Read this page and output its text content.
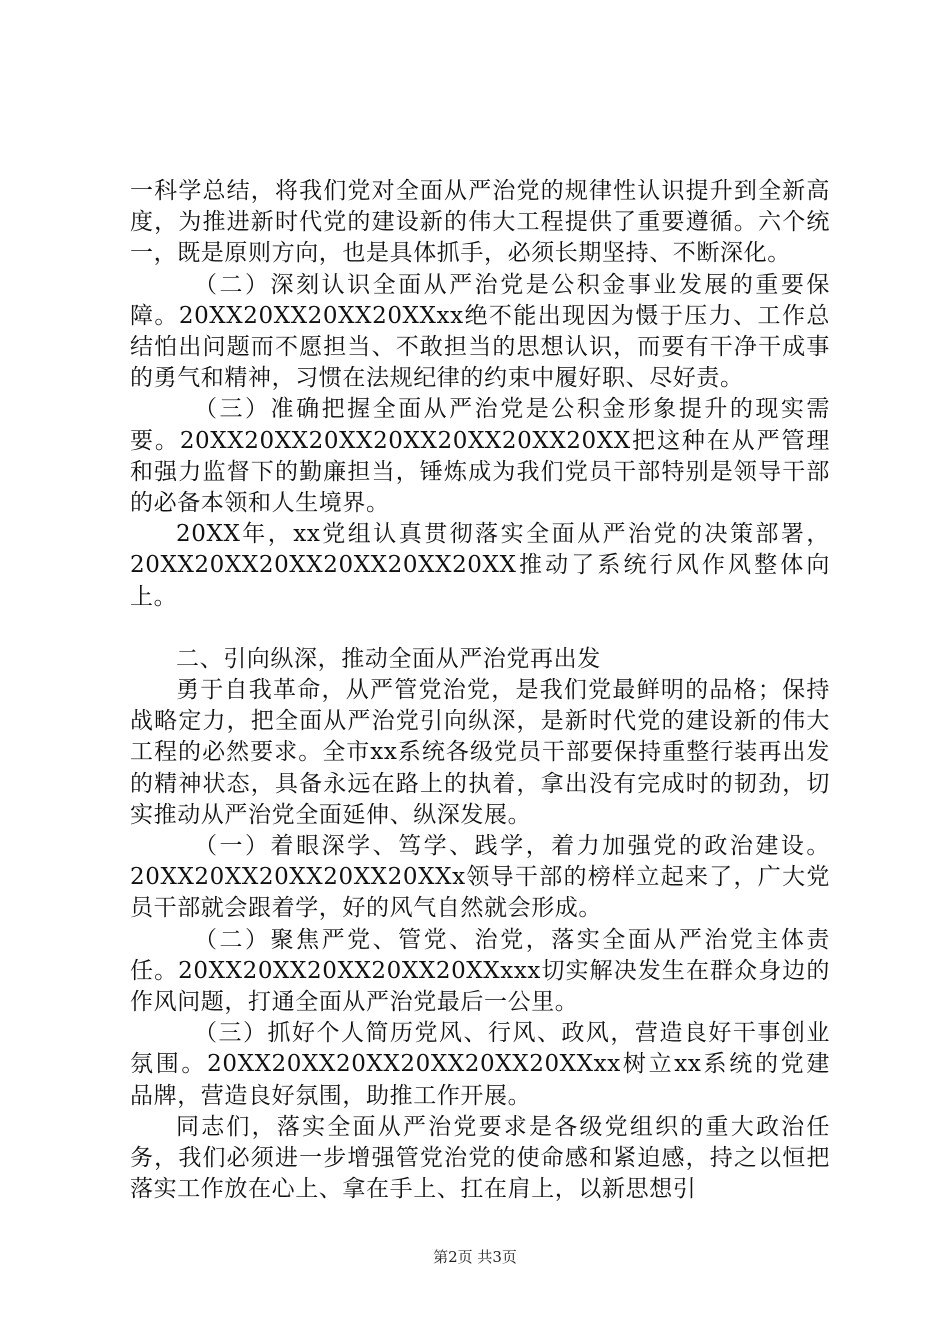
一科学总结，将我们党对全面从严治党的规律性认识提升到全新高度，为推进新时代党的建设新的伟大工程提供了重要遵循。六个统一，既是原则方向，也是具体抓手，必须长期坚持、不断深化。

（二）深刻认识全面从严治党是公积金事业发展的重要保障。20XX20XX20XX20XXxx绝不能出现因为慑于压力、工作总结怕出问题而不愿担当、不敢担当的思想认识，而要有干净干成事的勇气和精神，习惯在法规纪律的约束中履好职、尽好责。

（三）准确把握全面从严治党是公积金形象提升的现实需要。20XX20XX20XX20XX20XX20XX20XX把这种在从严管理和强力监督下的勤廉担当，锤炼成为我们党员干部特别是领导干部的必备本领和人生境界。

20XX年，xx党组认真贯彻落实全面从严治党的决策部署，20XX20XX20XX20XX20XX20XX推动了系统行风作风整体向上。

二、引向纵深，推动全面从严治党再出发

勇于自我革命，从严管党治党，是我们党最鲜明的品格；保持战略定力，把全面从严治党引向纵深，是新时代党的建设新的伟大工程的必然要求。全市xx系统各级党员干部要保持重整行装再出发的精神状态，具备永远在路上的执着，拿出没有完成时的韧劲，切实推动从严治党全面延伸、纵深发展。

（一）着眼深学、笃学、践学，着力加强党的政治建设。20XX20XX20XX20XX20XXx领导干部的榜样立起来了，广大党员干部就会跟着学，好的风气自然就会形成。

（二）聚焦严党、管党、治党，落实全面从严治党主体责任。20XX20XX20XX20XX20XXxxx切实解决发生在群众身边的作风问题，打通全面从严治党最后一公里。

（三）抓好个人简历党风、行风、政风，营造良好干事创业氛围。20XX20XX20XX20XX20XX20XXxx树立xx系统的党建品牌，营造良好氛围，助推工作开展。

同志们，落实全面从严治党要求是各级党组织的重大政治任务，我们必须进一步增强管党治党的使命感和紧迫感，持之以恒把落实工作放在心上、拿在手上、扛在肩上，以新思想引

第2页 共3页
